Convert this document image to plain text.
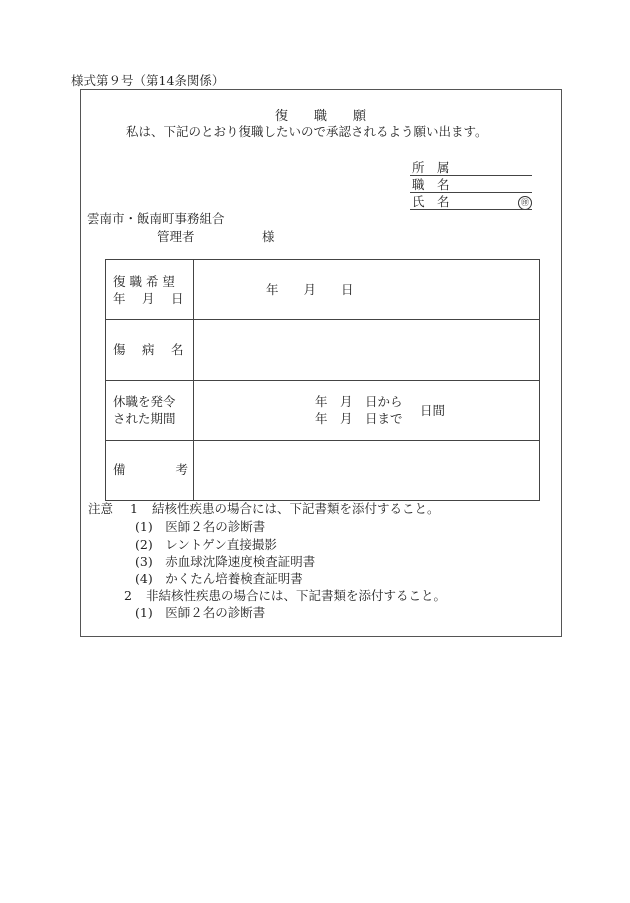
様式第９号（第14条関係）
復　　職　　願
私は、下記のとおり復職したいので承認されるよう願い出ます。
所　属
職　名
氏　名	㊞
雲南市・飯南町事務組合
管理者	様
復 職 希 望
年　 月　 日	年　　月　　日

傷　 病　 名	

休職を発令
された期間	年　月　日から
年　月　日まで
日間

備　　　　考	

注意 1 結核性疾患の場合には、下記書類を添付すること。
(1)　医師２名の診断書
(2)　レントゲン直接撮影
(3)　赤血球沈降速度検査証明書
(4)　かくたん培養検査証明書
2 非結核性疾患の場合には、下記書類を添付すること。
(1)　医師２名の診断書
